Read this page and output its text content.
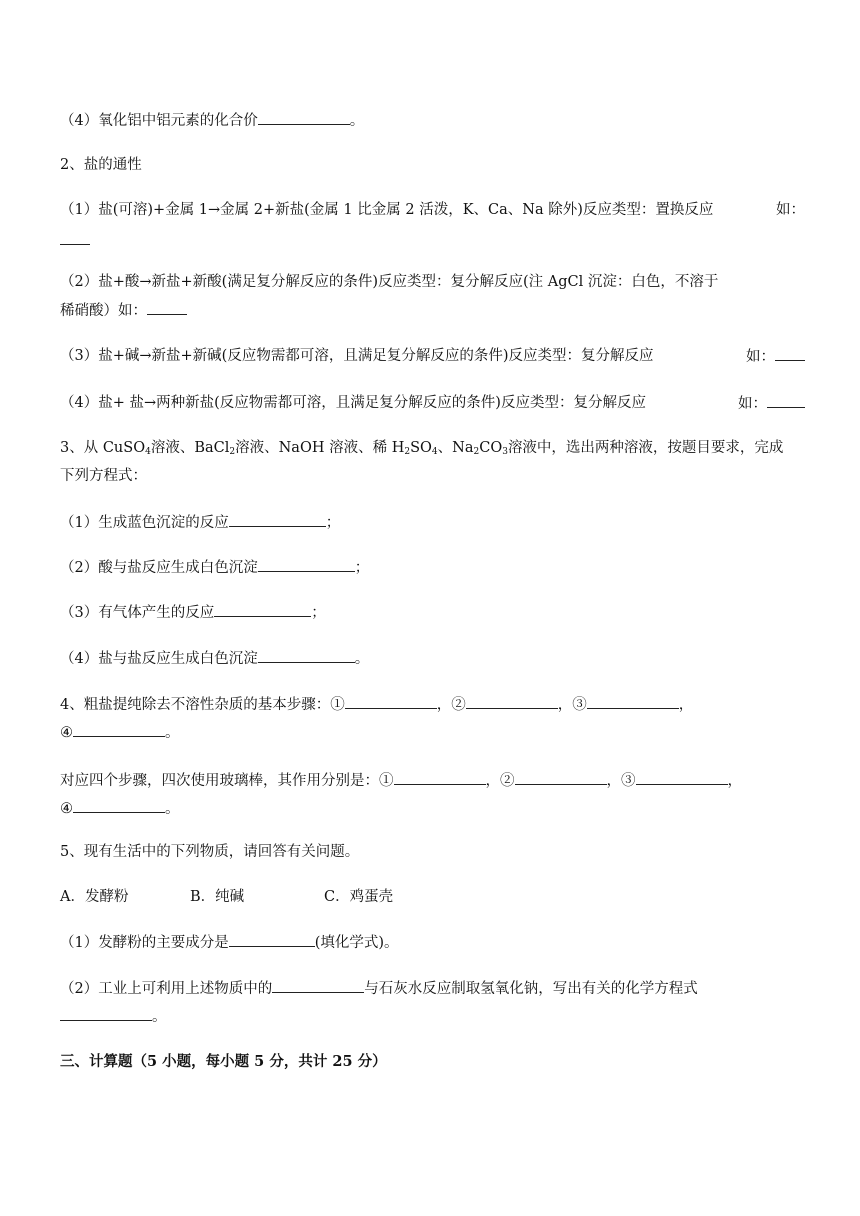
（4）氧化铝中铝元素的化合价	。
2、盐的通性
（1）盐(可溶)+金属 1→金属 2+新盐(金属 1 比金属 2 活泼，K、Ca、Na 除外)反应类型：置换反应	如：
（2）盐+酸→新盐+新酸(满足复分解反应的条件)反应类型：复分解反应(注 AgCl 沉淀：白色，不溶于
稀硝酸）如：
（3）盐+碱→新盐+新碱(反应物需都可溶，且满足复分解反应的条件)反应类型：复分解反应	如：
（4）盐+ 盐→两种新盐(反应物需都可溶，且满足复分解反应的条件)反应类型：复分解反应	如：
3、从 CuSO$_4$溶液、BaCl$_2$溶液、NaOH 溶液、稀 $H_2SO_4$、$Na_2CO_3$溶液中，选出两种溶液，按题目要求，完成
下列方程式：
（1）生成蓝色沉淀的反应	；
（2）酸与盐反应生成白色沉淀	；
（3）有气体产生的反应	；
（4）盐与盐反应生成白色沉淀	。
4、粗盐提纯除去不溶性杂质的基本步骤：①	，②	，③	，
④	。
对应四个步骤，四次使用玻璃棒，其作用分别是：①	，②	，③	，
④	。
5、现有生活中的下列物质，请回答有关问题。
A．发酵粉	B．纯碱	C．鸡蛋壳
（1）发酵粉的主要成分是	(填化学式)。
（2）工业上可利用上述物质中的	与石灰水反应制取氢氧化钠，写出有关的化学方程式
。
三、计算题（5 小题，每小题 5 分，共计 25 分）
